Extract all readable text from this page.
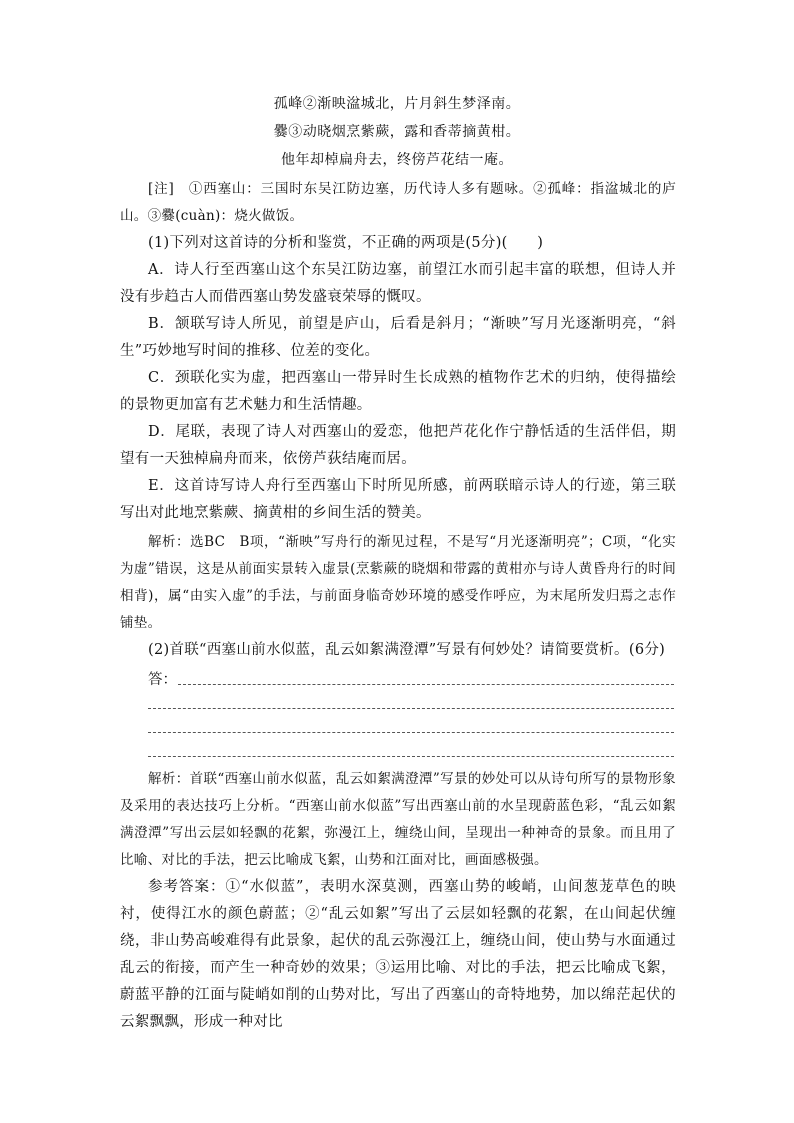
孤峰②渐映湓城北，片月斜生梦泽南。
爨③动晓烟烹紫蕨，露和香蒂摘黄柑。
他年却棹扁舟去，终傍芦花结一庵。
[注]　①西塞山：三国时东吴江防边塞，历代诗人多有题咏。②孤峰：指湓城北的庐山。③爨(cuàn)：烧火做饭。
(1)下列对这首诗的分析和鉴赏，不正确的两项是(5分)(　　)
A．诗人行至西塞山这个东吴江防边塞，前望江水而引起丰富的联想，但诗人并没有步趋古人而借西塞山势发盛衰荣辱的慨叹。
B．颔联写诗人所见，前望是庐山，后看是斜月；“渐映”写月光逐渐明亮，“斜生”巧妙地写时间的推移、位差的变化。
C．颈联化实为虚，把西塞山一带异时生长成熟的植物作艺术的归纳，使得描绘的景物更加富有艺术魅力和生活情趣。
D．尾联，表现了诗人对西塞山的爱恋，他把芦花化作宁静恬适的生活伴侣，期望有一天独棹扁舟而来，依傍芦荻结庵而居。
E．这首诗写诗人舟行至西塞山下时所见所感，前两联暗示诗人的行迹，第三联写出对此地烹紫蕨、摘黄柑的乡间生活的赞美。
解析：选BC　B项，“渐映”写舟行的渐见过程，不是写“月光逐渐明亮”；C项，“化实为虚”错误，这是从前面实景转入虚景(烹紫蕨的晓烟和带露的黄柑亦与诗人黄昏舟行的时间相背)，属“由实入虚”的手法，与前面身临奇妙环境的感受作呼应，为末尾所发归焉之志作铺垫。
(2)首联“西塞山前水似蓝，乱云如絮满澄潭”写景有何妙处？请简要赏析。(6分)
答：
解析：首联“西塞山前水似蓝，乱云如絮满澄潭”写景的妙处可以从诗句所写的景物形象及采用的表达技巧上分析。“西塞山前水似蓝”写出西塞山前的水呈现蔚蓝色彩，“乱云如絮满澄潭”写出云层如轻飘的花絮，弥漫江上，缠绕山间，呈现出一种神奇的景象。而且用了比喻、对比的手法，把云比喻成飞絮，山势和江面对比，画面感极强。
参考答案：①“水似蓝”，表明水深莫测，西塞山势的峻峭，山间葱茏草色的映衬，使得江水的颜色蔚蓝；②“乱云如絮”写出了云层如轻飘的花絮，在山间起伏缠绕，非山势高峻难得有此景象，起伏的乱云弥漫江上，缠绕山间，使山势与水面通过乱云的衔接，而产生一种奇妙的效果；③运用比喻、对比的手法，把云比喻成飞絮，蔚蓝平静的江面与陡峭如削的山势对比，写出了西塞山的奇特地势，加以绵茫起伏的云絮飘飘，形成一种对比
